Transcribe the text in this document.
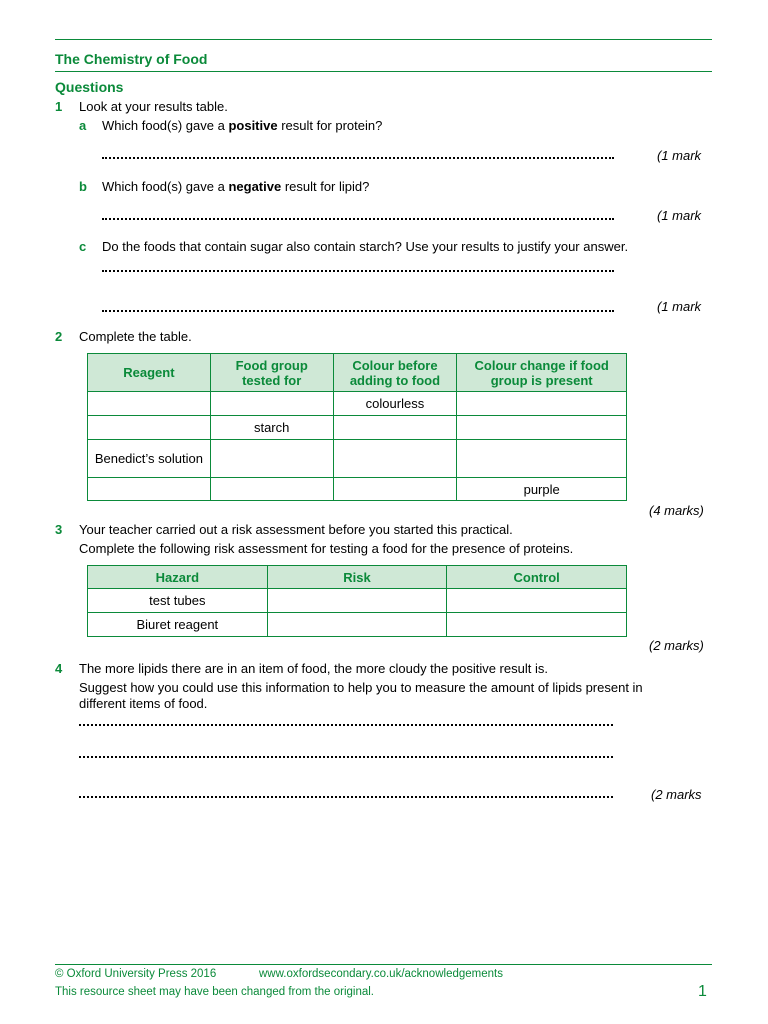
The Chemistry of Food
Questions
1 Look at your results table.
a Which food(s) gave a positive result for protein?
(1 mark
b Which food(s) gave a negative result for lipid?
(1 mark
c Do the foods that contain sugar also contain starch? Use your results to justify your answer.
(1 mark
2 Complete the table.
Reagent	Food group tested for	Colour before adding to food	Colour change if food group is present
		colourless	
	starch		
Benedict’s solution			
			purple
(4 marks)
3 Your teacher carried out a risk assessment before you started this practical.
Complete the following risk assessment for testing a food for the presence of proteins.
Hazard	Risk	Control
test tubes		
Biuret reagent		
(2 marks)
4 The more lipids there are in an item of food, the more cloudy the positive result is.
Suggest how you could use this information to help you to measure the amount of lipids present in
different items of food.
(2 marks
© Oxford University Press 2016	www.oxfordsecondary.co.uk/acknowledgements
This resource sheet may have been changed from the original.	1
